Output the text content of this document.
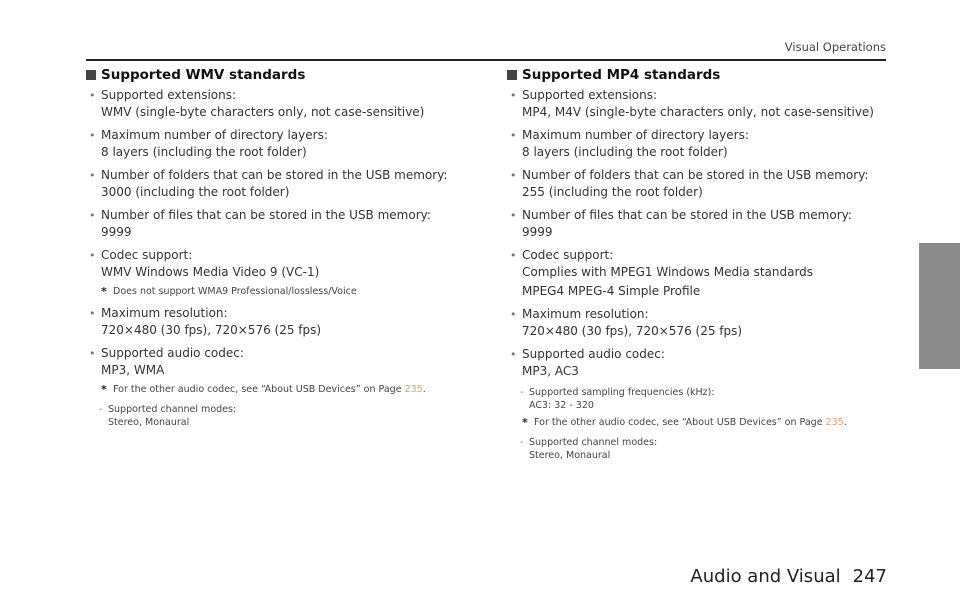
Visual Operations
Supported WMV standards
• Supported extensions:

WMV (single-byte characters only, not case-sensitive)

• Maximum number of directory layers:

8 layers (including the root folder)

• Number of folders that can be stored in the USB memory:

3000 (including the root folder)

• Number of files that can be stored in the USB memory:

9999

• Codec support:

WMV Windows Media Video 9 (VC-1)

* Does not support WMA9 Professional/lossless/Voice
• Maximum resolution:

720×480 (30 fps), 720×576 (25 fps)

• Supported audio codec:

MP3, WMA

* For the other audio codec, see “About USB Devices” on Page 235.
- Supported channel modes:
Stereo, Monaural
Supported MP4 standards
• Supported extensions:

MP4, M4V (single-byte characters only, not case-sensitive)

• Maximum number of directory layers:

8 layers (including the root folder)

• Number of folders that can be stored in the USB memory:

255 (including the root folder)

• Number of files that can be stored in the USB memory:

9999

• Codec support:

Complies with MPEG1 Windows Media standards

MPEG4 MPEG-4 Simple Profile

• Maximum resolution:

720×480 (30 fps), 720×576 (25 fps)

• Supported audio codec:

MP3, AC3

- Supported sampling frequencies (kHz):
AC3: 32 - 320
* For the other audio codec, see “About USB Devices” on Page 235.
- Supported channel modes:
Stereo, Monaural
Audio and Visual 247
